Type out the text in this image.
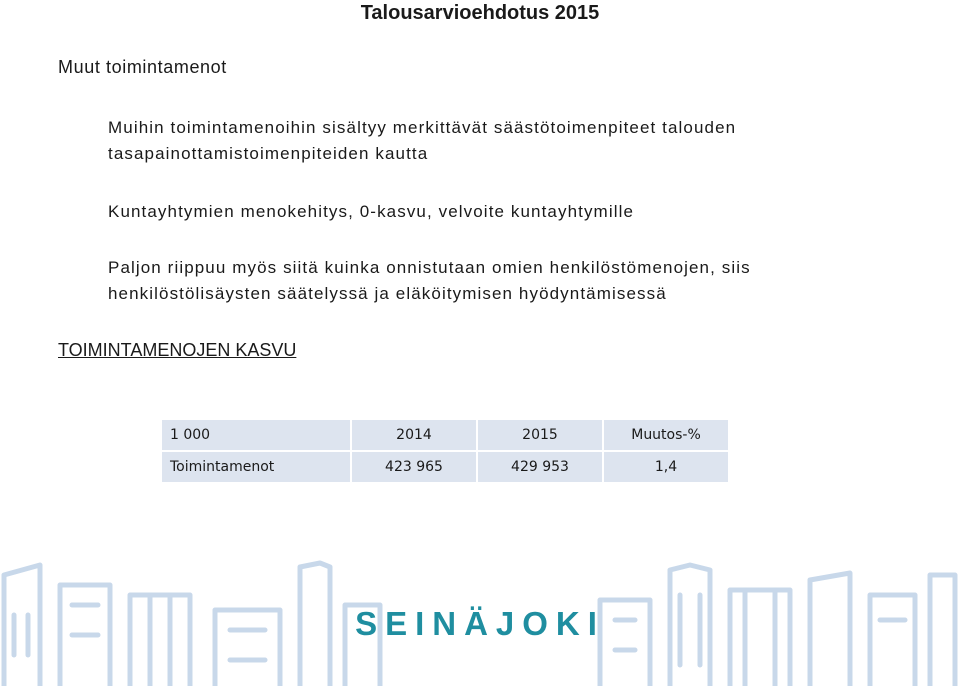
Talousarvioehdotus 2015
Muut toimintamenot
Muihin toimintamenoihin sisältyy merkittävät säästötoimenpiteet talouden
tasapainottamistoimenpiteiden kautta
Kuntayhtymien menokehitys, 0-kasvu, velvoite kuntayhtymille
Paljon riippuu myös siitä kuinka onnistutaan omien henkilöstömenojen, siis
henkilöstölisäysten säätelyssä ja eläköitymisen hyödyntämisessä
TOIMINTAMENOJEN KASVU
1 000	2014	2015	Muutos-%
Toimintamenot	423 965	429 953	1,4
SEINÄJOKI
